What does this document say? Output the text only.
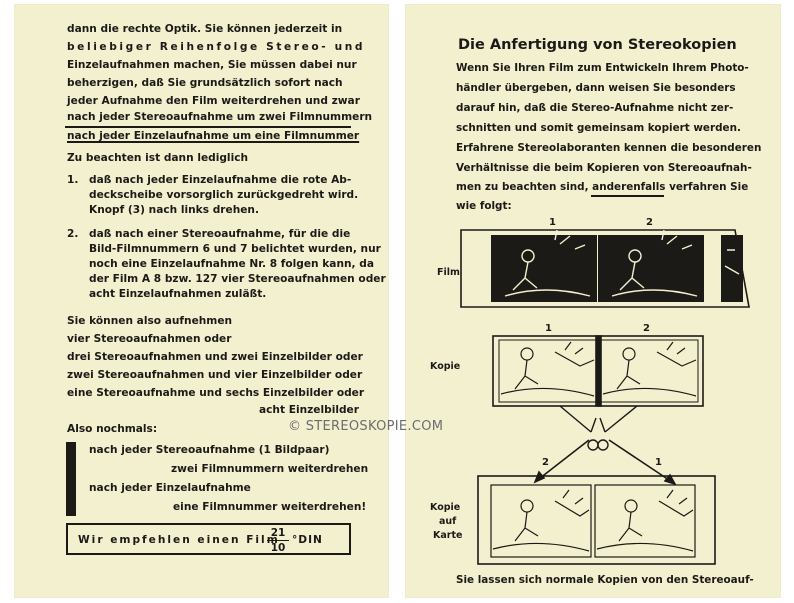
dann die rechte Optik. Sie können jederzeit in
beliebiger Reihenfolge Stereo- und
Einzelaufnahmen machen, Sie müssen dabei nur
beherzigen, daß Sie grundsätzlich sofort nach
jeder Aufnahme den Film weiterdrehen und zwar
nach jeder Stereoaufnahme um zwei Filmnummern
nach jeder Einzelaufnahme um eine Filmnummer
Zu beachten ist dann lediglich
1. daß nach jeder Einzelaufnahme die rote Ab-
deckscheibe vorsorglich zurückgedreht wird.
Knopf (3) nach links drehen.
2. daß nach einer Stereoaufnahme, für die die
Bild-Filmnummern 6 und 7 belichtet wurden, nur
noch eine Einzelaufnahme Nr. 8 folgen kann, da
der Film A 8 bzw. 127 vier Stereoaufnahmen oder
acht Einzelaufnahmen zuläßt.
Sie können also aufnehmen
vier Stereoaufnahmen oder
drei Stereoaufnahmen und zwei Einzelbilder oder
zwei Stereoaufnahmen und vier Einzelbilder oder
eine Stereoaufnahme und sechs Einzelbilder oder
acht Einzelbilder
Also nochmals:
nach jeder Stereoaufnahme (1 Bildpaar)
zwei Filmnummern weiterdrehen
nach jeder Einzelaufnahme
eine Filmnummer weiterdrehen!
Wir empfehlen einen Film
21
10
°DIN
Die Anfertigung von Stereokopien
Wenn Sie Ihren Film zum Entwickeln Ihrem Photo-
händler übergeben, dann weisen Sie besonders
darauf hin, daß die Stereo-Aufnahme nicht zer-
schnitten und somit gemeinsam kopiert werden.
Erfahrene Stereolaboranten kennen die besonderen
Verhältnisse die beim Kopieren von Stereoaufnah-
men zu beachten sind, anderenfalls verfahren Sie
wie folgt:
1	2
1	2
2	1
Film
Kopie
Kopie
auf
Karte
Sie lassen sich normale Kopien von den Stereoauf-
© STEREOSKOPIE.COM
